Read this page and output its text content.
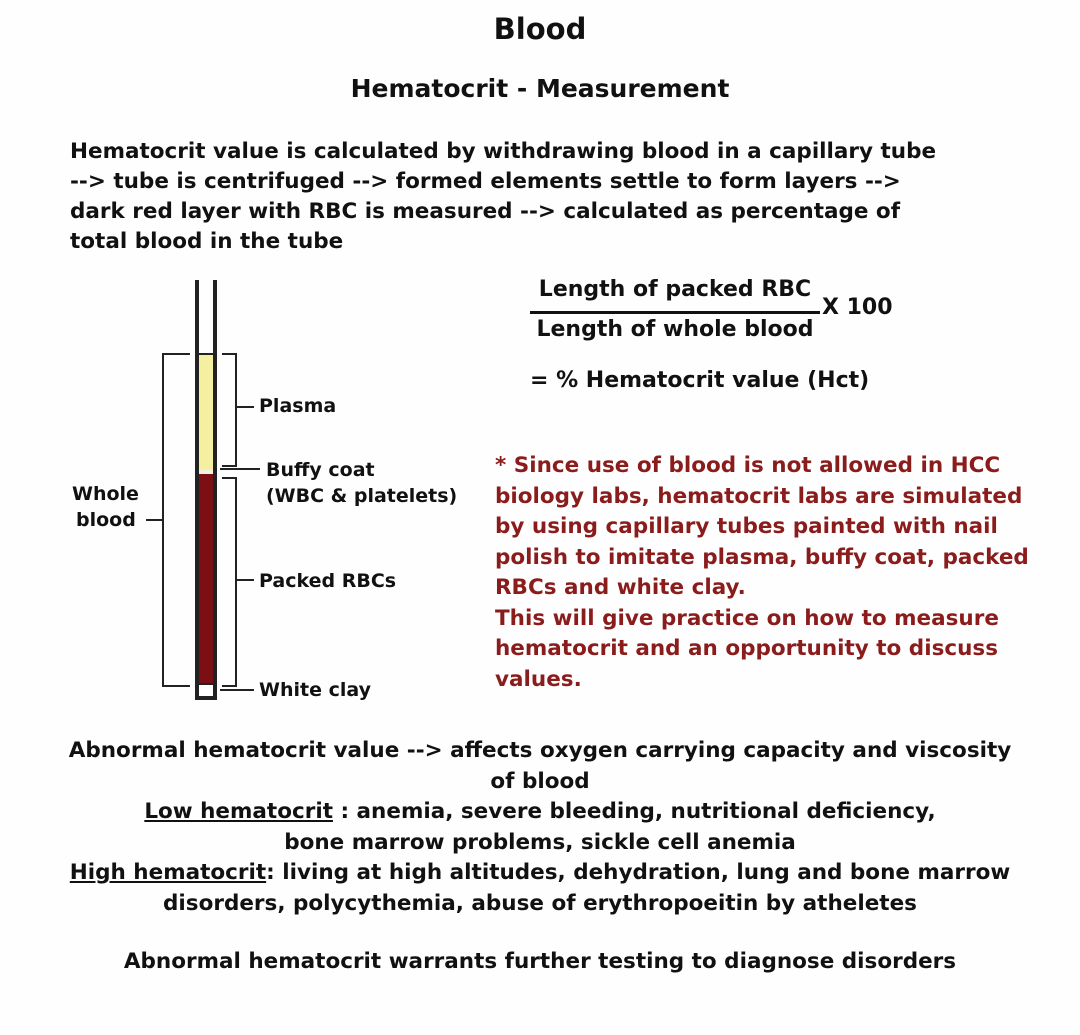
Blood
Hematocrit - Measurement
Hematocrit value is calculated by withdrawing blood in a capillary tube
--> tube is centrifuged --> formed elements settle to form layers -->
dark red layer with RBC is measured --> calculated as percentage of
total blood in the tube
Plasma
Buffy coat
(WBC & platelets)
Whole
blood
Packed RBCs
White clay
Length of packed RBC
Length of whole blood
X 100
= % Hematocrit value (Hct)
* Since use of blood is not allowed in HCC
biology labs, hematocrit labs are simulated
by using capillary tubes painted with nail
polish to imitate plasma, buffy coat, packed
RBCs and white clay.
This will give practice on how to measure
hematocrit and an opportunity to discuss
values.
Abnormal hematocrit value --> affects oxygen carrying capacity and viscosity
of blood
Low hematocrit : anemia, severe bleeding, nutritional deficiency,
bone marrow problems, sickle cell anemia
High hematocrit: living at high altitudes, dehydration, lung and bone marrow
disorders, polycythemia, abuse of erythropoeitin by atheletes
Abnormal hematocrit warrants further testing to diagnose disorders
